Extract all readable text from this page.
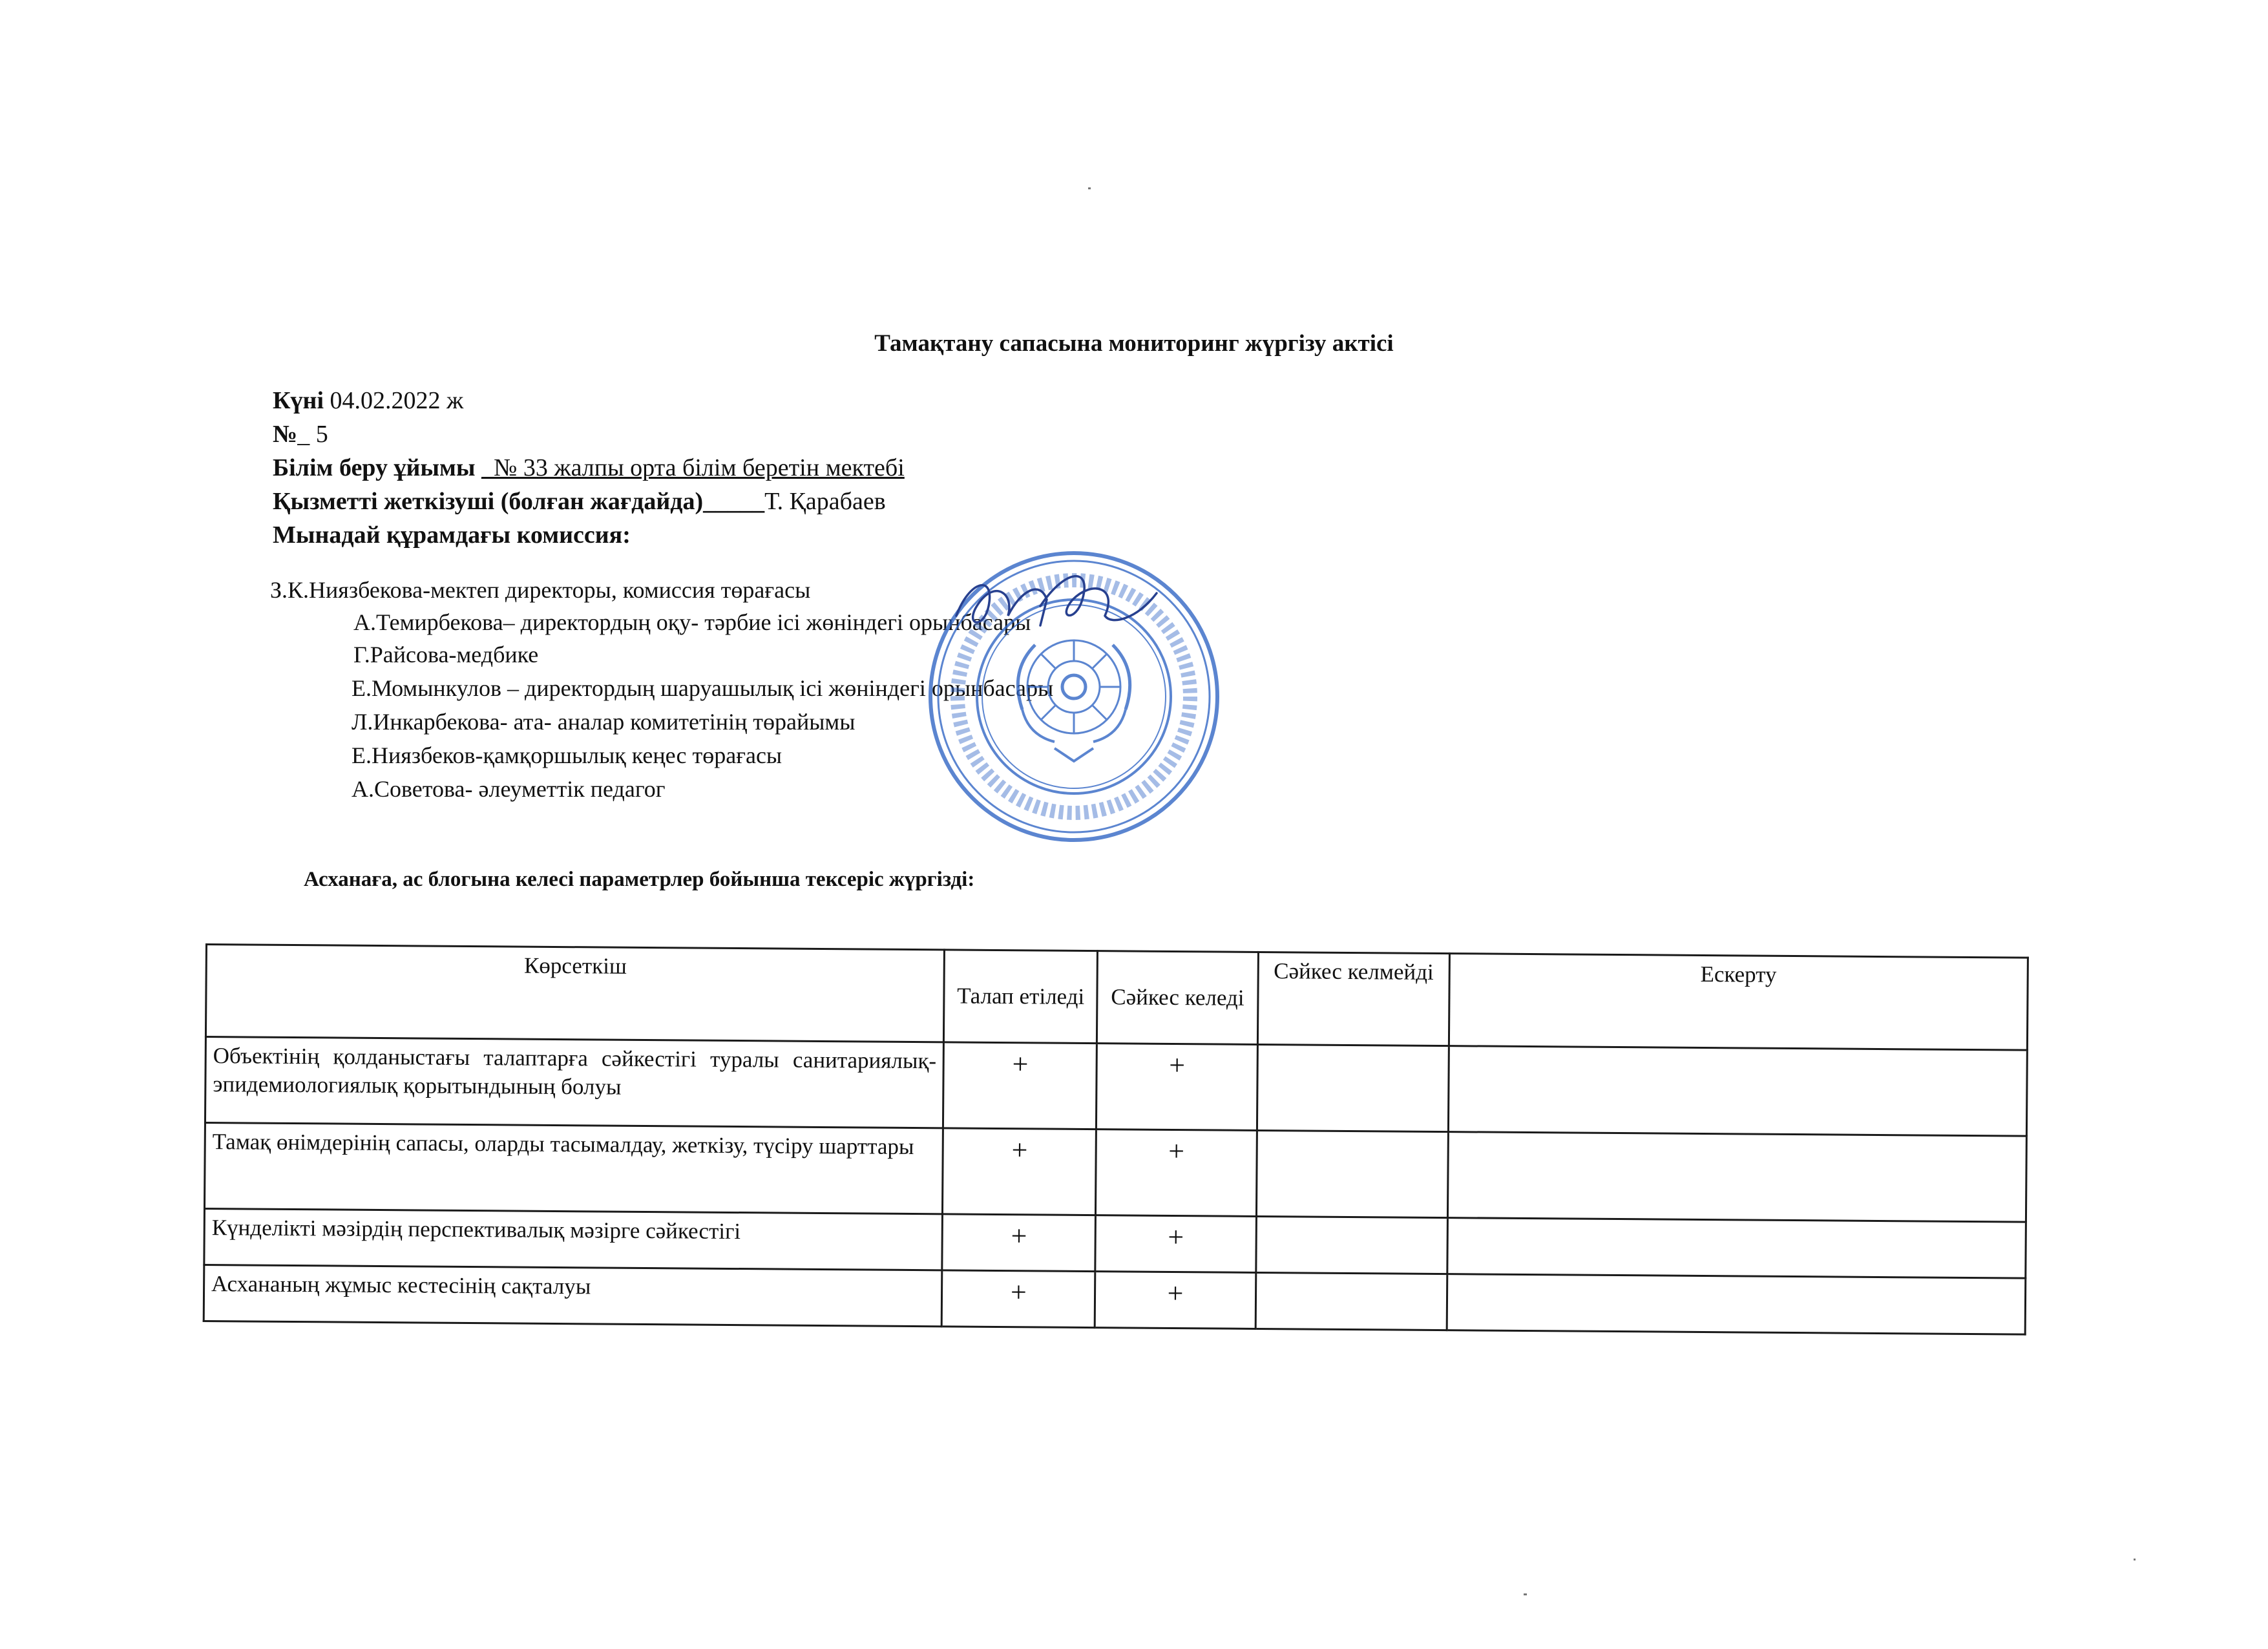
Тамақтану сапасына мониторинг жүргізу актісі
Күні 04.02.2022 ж
№_ 5
Білім беру ұйымы _№ 33 жалпы орта білім беретін мектебі
Қызметті жеткізуші (болған жағдайда)_____Т. Қарабаев
Мынадай құрамдағы комиссия:
З.К.Ниязбекова-мектеп директоры, комиссия төрағасы
А.Темирбекова– директордың оқу- тәрбие ісі жөніндегі орынбасары
Г.Райсова-медбике
Е.Момынкулов – директордың шаруашылық ісі жөніндегі орынбасары
Л.Инкарбекова- ата- аналар комитетінің төрайымы
Е.Ниязбеков-қамқоршылық кеңес төрағасы
А.Советова- әлеуметтік педагог
Асханаға, ас блогына келесі параметрлер бойынша тексеріс жүргізді:
Көрсеткіш	Талап етіледі	Сәйкес келеді	Сәйкес келмейді	Ескерту
Объектінің қолданыстағы талаптарға сәйкестігі туралы санитариялық-эпидемиологиялық қорытындының болуы	+	+		
Тамақ өнімдерінің сапасы, оларды тасымалдау, жеткізу, түсіру шарттары	+	+		
Күнделікті мәзірдің перспективалық мәзірге сәйкестігі	+	+		
Асхананың жұмыс кестесінің сақталуы	+	+		
